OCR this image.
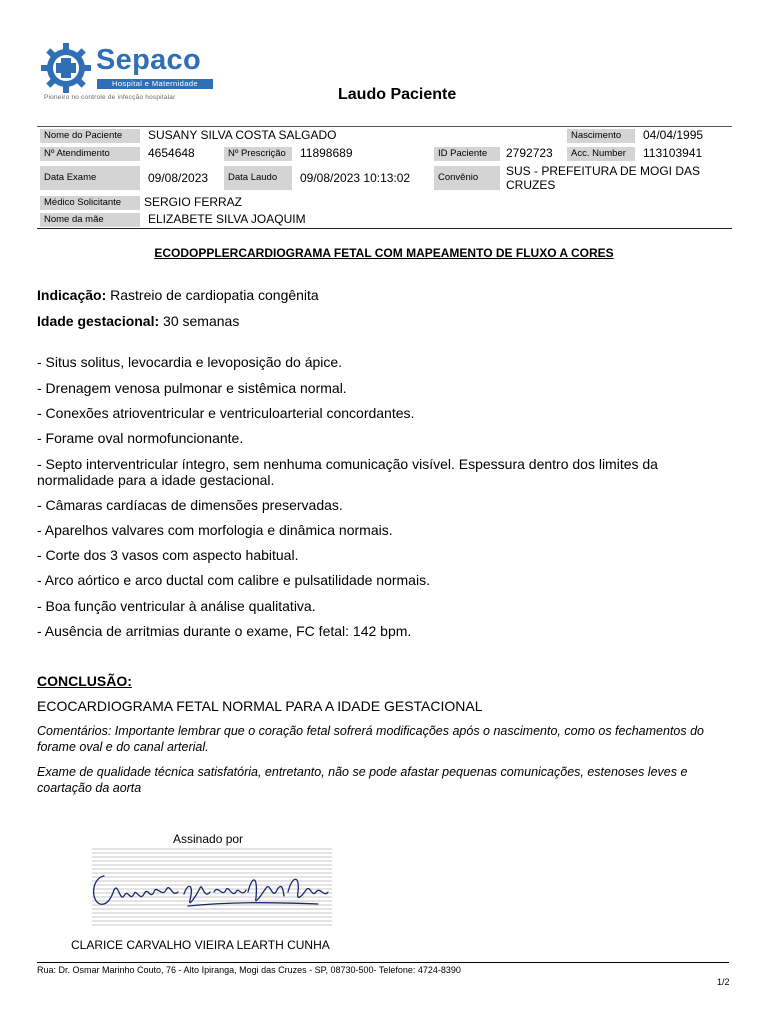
Sepaco
Hospital e Maternidade
Pioneiro no controle de infecção hospitalar	Laudo Paciente
Nome do Paciente	SUSANY SILVA COSTA SALGADO	Nascimento	04/04/1995
Nº Atendimento	4654648	Nº Prescrição	11898689	ID Paciente	2792723	Acc. Number	113103941
Data Exame	09/08/2023	Data Laudo	09/08/2023 10:13:02	Convênio	SUS - PREFEITURA DE MOGI DAS
CRUZES
Médico Solicitante	SERGIO FERRAZ
Nome da mãe	ELIZABETE SILVA JOAQUIM
ECODOPPLERCARDIOGRAMA FETAL COM MAPEAMENTO DE FLUXO A CORES
Indicação: Rastreio de cardiopatia congênita
Idade gestacional: 30 semanas
- Situs solitus, levocardia e levoposição do ápice.
- Drenagem venosa pulmonar e sistêmica normal.
- Conexões atrioventricular e ventriculoarterial concordantes.
- Forame oval normofuncionante.
- Septo interventricular íntegro, sem nenhuma comunicação visível. Espessura dentro dos limites da normalidade para a idade gestacional.
- Câmaras cardíacas de dimensões preservadas.
- Aparelhos valvares com morfologia e dinâmica normais.
- Corte dos 3 vasos com aspecto habitual.
- Arco aórtico e arco ductal com calibre e pulsatilidade normais.
- Boa função ventricular à análise qualitativa.
- Ausência de arritmias durante o exame, FC fetal: 142 bpm.
CONCLUSÃO:
ECOCARDIOGRAMA FETAL NORMAL PARA A IDADE GESTACIONAL
Comentários: Importante lembrar que o coração fetal sofrerá modificações após o nascimento, como os fechamentos do forame oval e do canal arterial.
Exame de qualidade técnica satisfatória, entretanto, não se pode afastar pequenas comunicações, estenoses leves e coartação da aorta
Assinado por
CLARICE CARVALHO VIEIRA LEARTH CUNHA
Rua: Dr. Osmar Marinho Couto, 76 - Alto Ipiranga, Mogi das Cruzes - SP, 08730-500- Telefone: 4724-8390
1/2
